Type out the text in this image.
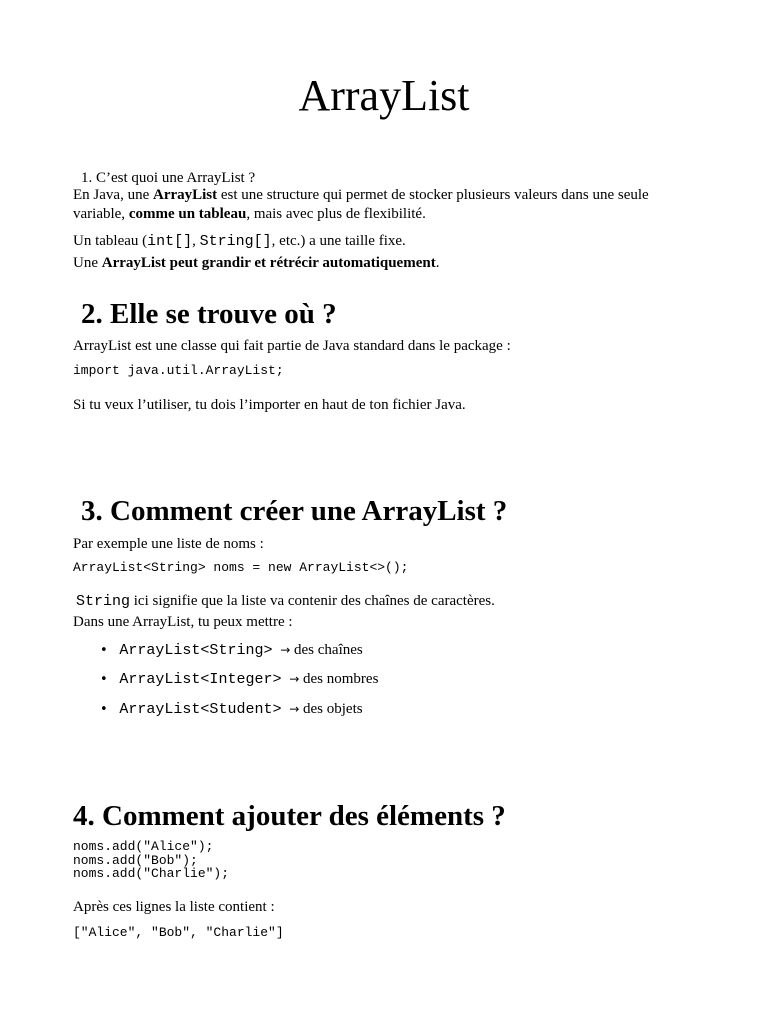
ArrayList
1. C’est quoi une ArrayList ?
En Java, une ArrayList est une structure qui permet de stocker plusieurs valeurs dans une seule
variable, comme un tableau, mais avec plus de flexibilité.
Un tableau (int[], String[], etc.) a une taille fixe.
Une ArrayList peut grandir et rétrécir automatiquement.
2. Elle se trouve où ?
ArrayList est une classe qui fait partie de Java standard dans le package :
import java.util.ArrayList;
Si tu veux l’utiliser, tu dois l’importer en haut de ton fichier Java.
3. Comment créer une ArrayList ?
Par exemple une liste de noms :
ArrayList<String> noms = new ArrayList<>();
String ici signifie que la liste va contenir des chaînes de caractères.
Dans une ArrayList, tu peux mettre :
• ArrayList<String> → des chaînes
• ArrayList<Integer> → des nombres
• ArrayList<Student> → des objets
4. Comment ajouter des éléments ?
noms.add("Alice");
noms.add("Bob");
noms.add("Charlie");
Après ces lignes la liste contient :
["Alice", "Bob", "Charlie"]
